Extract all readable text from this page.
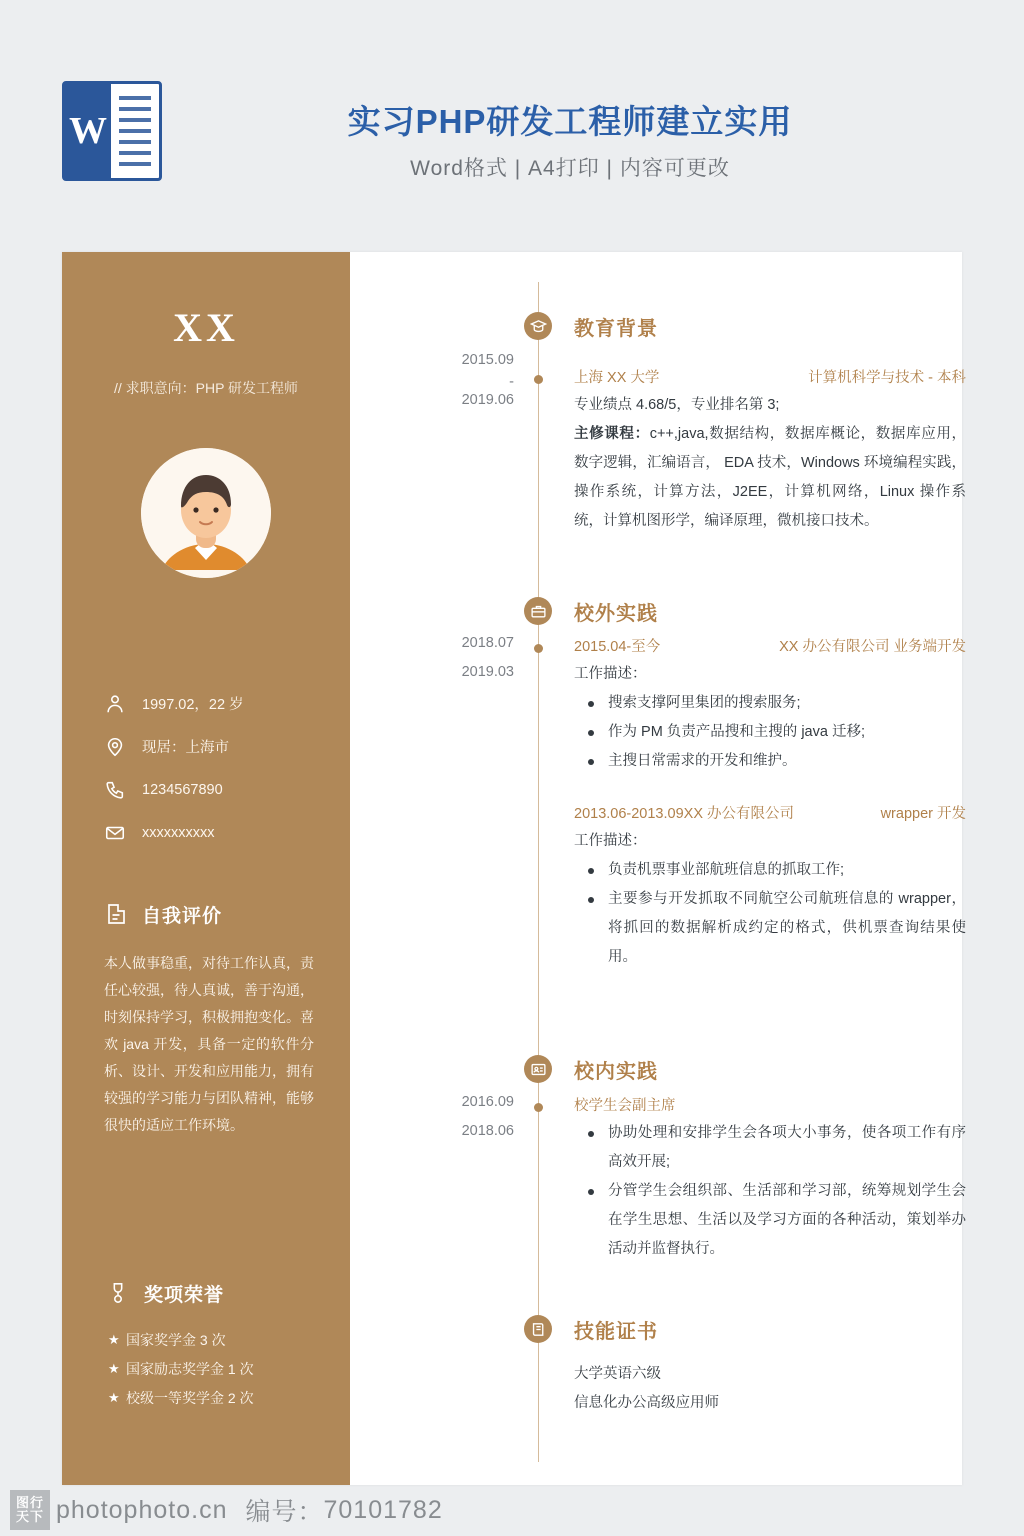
W	实习PHP研发工程师建立实用
Word格式 | A4打印 | 内容可更改
XX
// 求职意向：PHP 研发工程师
1997.02，22 岁
现居：上海市
1234567890
xxxxxxxxxx
自我评价
本人做事稳重，对待工作认真，责任心较强，待人真诚，善于沟通，时刻保持学习，积极拥抱变化。喜欢 java 开发，具备一定的软件分析、设计、开发和应用能力，拥有较强的学习能力与团队精神，能够很快的适应工作环境。
奖项荣誉
★ 国家奖学金 3 次
★ 国家励志奖学金 1 次
★ 校级一等奖学金 2 次
教育背景
2015.09
-
2019.06
上海 XX 大学	计算机科学与技术 - 本科
专业绩点 4.68/5，专业排名第 3;
主修课程：c++,java,数据结构，数据库概论，数据库应用，数字逻辑，汇编语言， EDA 技术，Windows 环境编程实践，操作系统，计算方法，J2EE，计算机网络，Linux 操作系统，计算机图形学，编译原理，微机接口技术。
校外实践
2018.07
2019.03
2015.04-至今	XX 办公有限公司 业务端开发
工作描述：
搜索支撑阿里集团的搜索服务;
作为 PM 负责产品搜和主搜的 java 迁移;
主搜日常需求的开发和维护。
2013.06-2013.09XX 办公有限公司	wrapper 开发
工作描述：
负责机票事业部航班信息的抓取工作;
主要参与开发抓取不同航空公司航班信息的 wrapper，将抓回的数据解析成约定的格式，供机票查询结果使用。
校内实践
2016.09
2018.06
校学生会副主席
协助处理和安排学生会各项大小事务，使各项工作有序高效开展;
分管学生会组织部、生活部和学习部，统筹规划学生会在学生思想、生活以及学习方面的各种活动，策划举办活动并监督执行。
技能证书
大学英语六级
信息化办公高级应用师
图行天下 photophoto.cn 编号： 70101782
